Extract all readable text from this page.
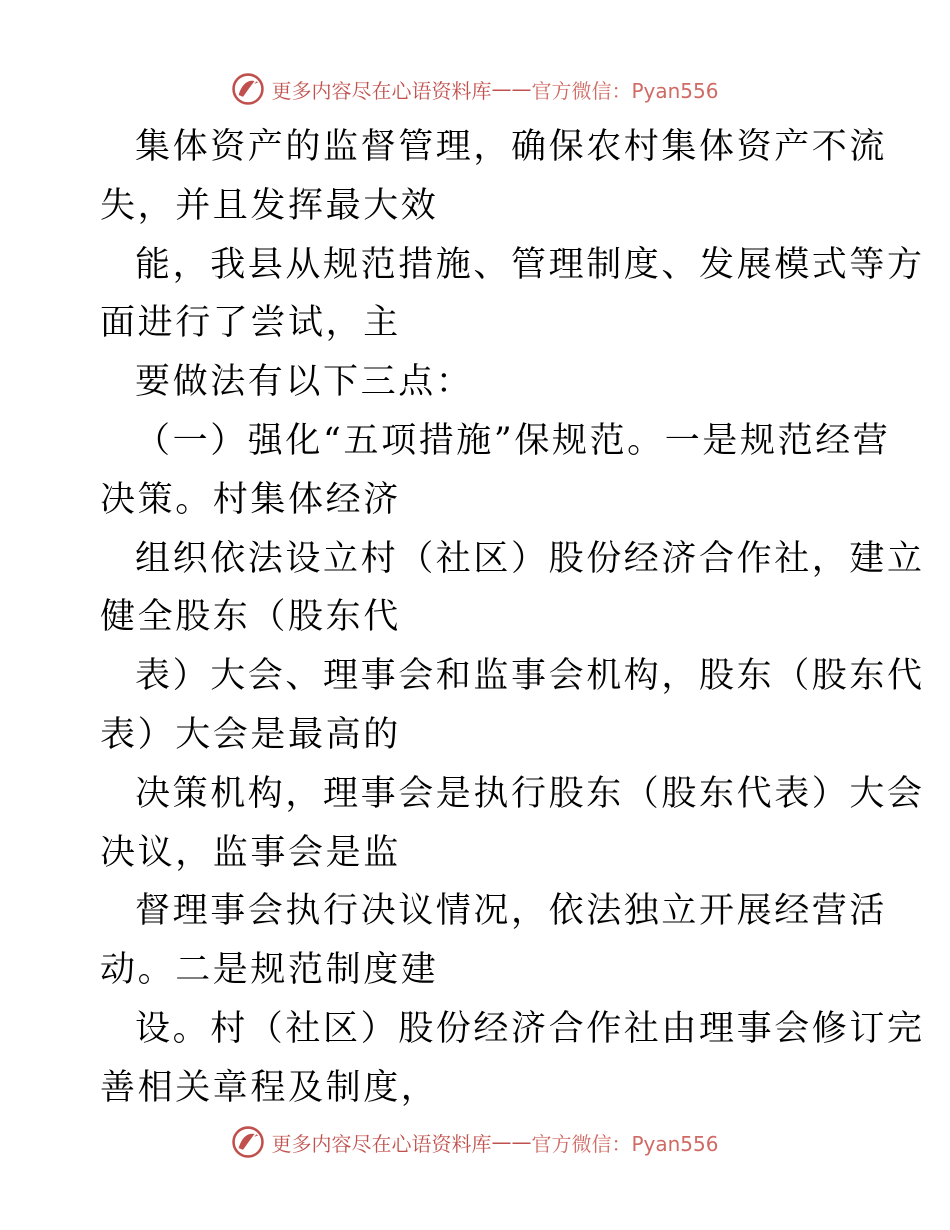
更多内容尽在心语资料库 —— 官方微信：Pyan556
集体资产的监督管理，确保农村集体资产不流
失，并且发挥最大效
能，我县从规范措施、管理制度、发展模式等方
面进行了尝试，主
要做法有以下三点：
（一）强化“五项措施”保规范。一是规范经营
决策。村集体经济
组织依法设立村（社区）股份经济合作社，建立
健全股东（股东代
表）大会、理事会和监事会机构，股东（股东代
表）大会是最高的
决策机构，理事会是执行股东（股东代表）大会
决议，监事会是监
督理事会执行决议情况，依法独立开展经营活
动。二是规范制度建
设。村（社区）股份经济合作社由理事会修订完
善相关章程及制度，
更多内容尽在心语资料库 —— 官方微信：Pyan556
